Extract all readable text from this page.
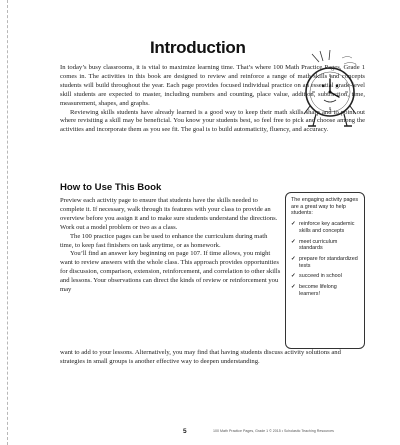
Introduction

In today’s busy classrooms, it is vital to maximize learning time. That’s where 100 Math Practice Pages, Grade 1 comes in. The activities in this book are designed to review and reinforce a range of math skills and concepts students will build throughout the year. Each page provides focused individual practice on an essential grade-level skill students are expected to master, including numbers and counting, place value, addition, subtraction, time, measurement, shapes, and graphs.

Reviewing skills students have already learned is a good way to keep their math skills sharp and to point out where revisiting a skill may be beneficial. You know your students best, so feel free to pick and choose among the activities and incorporate them as you see fit. The goal is to build automaticity, fluency, and accuracy.

How to Use This Book

Preview each activity page to ensure that students have the skills needed to complete it. If necessary, walk through its features with your class to provide an overview before you assign it and to make sure students understand the directions. Work out a model problem or two as a class.

The 100 practice pages can be used to enhance the curriculum during math time, to keep fast finishers on task anytime, or as homework.

You’ll find an answer key beginning on page 107. If time allows, you might want to review answers with the whole class. This approach provides opportunities for discussion, comparison, extension, reinforcement, and correlation to other skills and lessons. Your observations can direct the kinds of review or reinforcement you may

want to add to your lessons. Alternatively, you may find that having students discuss activity solutions and strategies in small groups is another effective way to deepen understanding.

The engaging activity pages are a great way to help students:

✓ reinforce key academic skills and concepts
✓ meet curriculum standards
✓ prepare for standardized tests
✓ succeed in school
✓ become lifelong learners!
5	100 Math Practice Pages, Grade 1 © 2015 • Scholastic Teaching Resources
